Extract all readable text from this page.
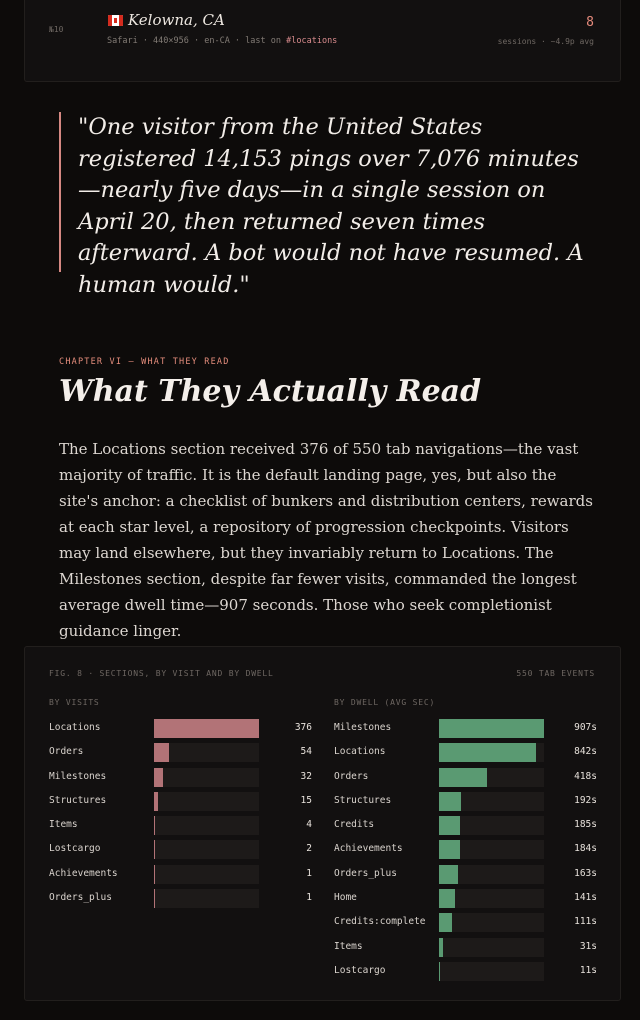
№10
Kelowna, CA
Safari · 440×956 · en-CA · last on #locations
8
sessions · ~4.9p avg

"One visitor from the United States registered 14,153 pings over 7,076 minutes—nearly five days—in a single session on April 20, then returned seven times afterward. A bot would not have resumed. A human would."

CHAPTER VI — WHAT THEY READ
What They Actually Read

The Locations section received 376 of 550 tab navigations—the vast majority of traffic. It is the default landing page, yes, but also the site's anchor: a checklist of bunkers and distribution centers, rewards at each star level, a repository of progression checkpoints. Visitors may land elsewhere, but they invariably return to Locations. The Milestones section, despite far fewer visits, commanded the longest average dwell time—907 seconds. Those who seek completionist guidance linger.

FIG. 8 · SECTIONS, BY VISIT AND BY DWELL	550 TAB EVENTS
BY VISITS	BY DWELL (AVG SEC)
Locations	376
Orders	54
Milestones	32
Structures	15
Items	4
Lostcargo	2
Achievements	1
Orders_plus	1
Milestones	907s
Locations	842s
Orders	418s
Structures	192s
Credits	185s
Achievements	184s
Orders_plus	163s
Home	141s
Credits:complete	111s
Items	31s
Lostcargo	11s
